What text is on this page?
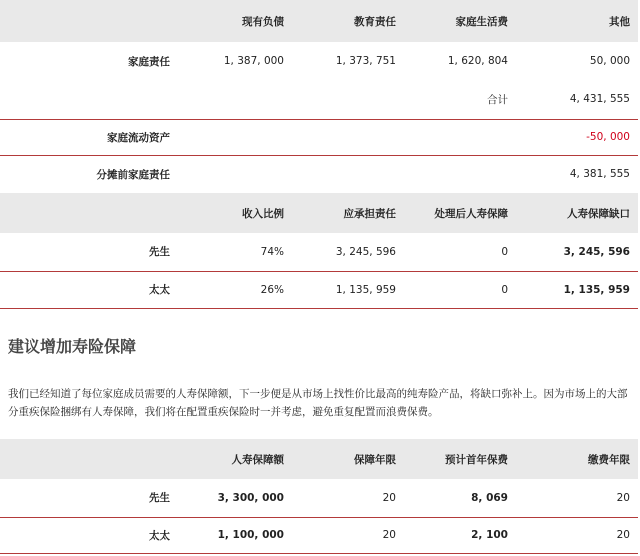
	现有负债	教育责任	家庭生活费	其他
家庭责任	1, 387, 000	1, 373, 751	1, 620, 804	50, 000
			合计	4, 431, 555
家庭流动资产				-50, 000
分摊前家庭责任				4, 381, 555
	收入比例	应承担责任	处理后人寿保障	人寿保障缺口
先生	74%	3, 245, 596	0	3, 245, 596
太太	26%	1, 135, 959	0	1, 135, 959
建议增加寿险保障
我们已经知道了每位家庭成员需要的人寿保障额，下一步便是从市场上找性价比最高的纯寿险产品，将缺口弥补上。因为市场上的大部分重疾保险捆绑有人寿保障，我们将在配置重疾保险时一并考虑，避免重复配置而浪费保费。
	人寿保障额	保障年限	预计首年保费	缴费年限
先生	3, 300, 000	20	8, 069	20
太太	1, 100, 000	20	2, 100	20
